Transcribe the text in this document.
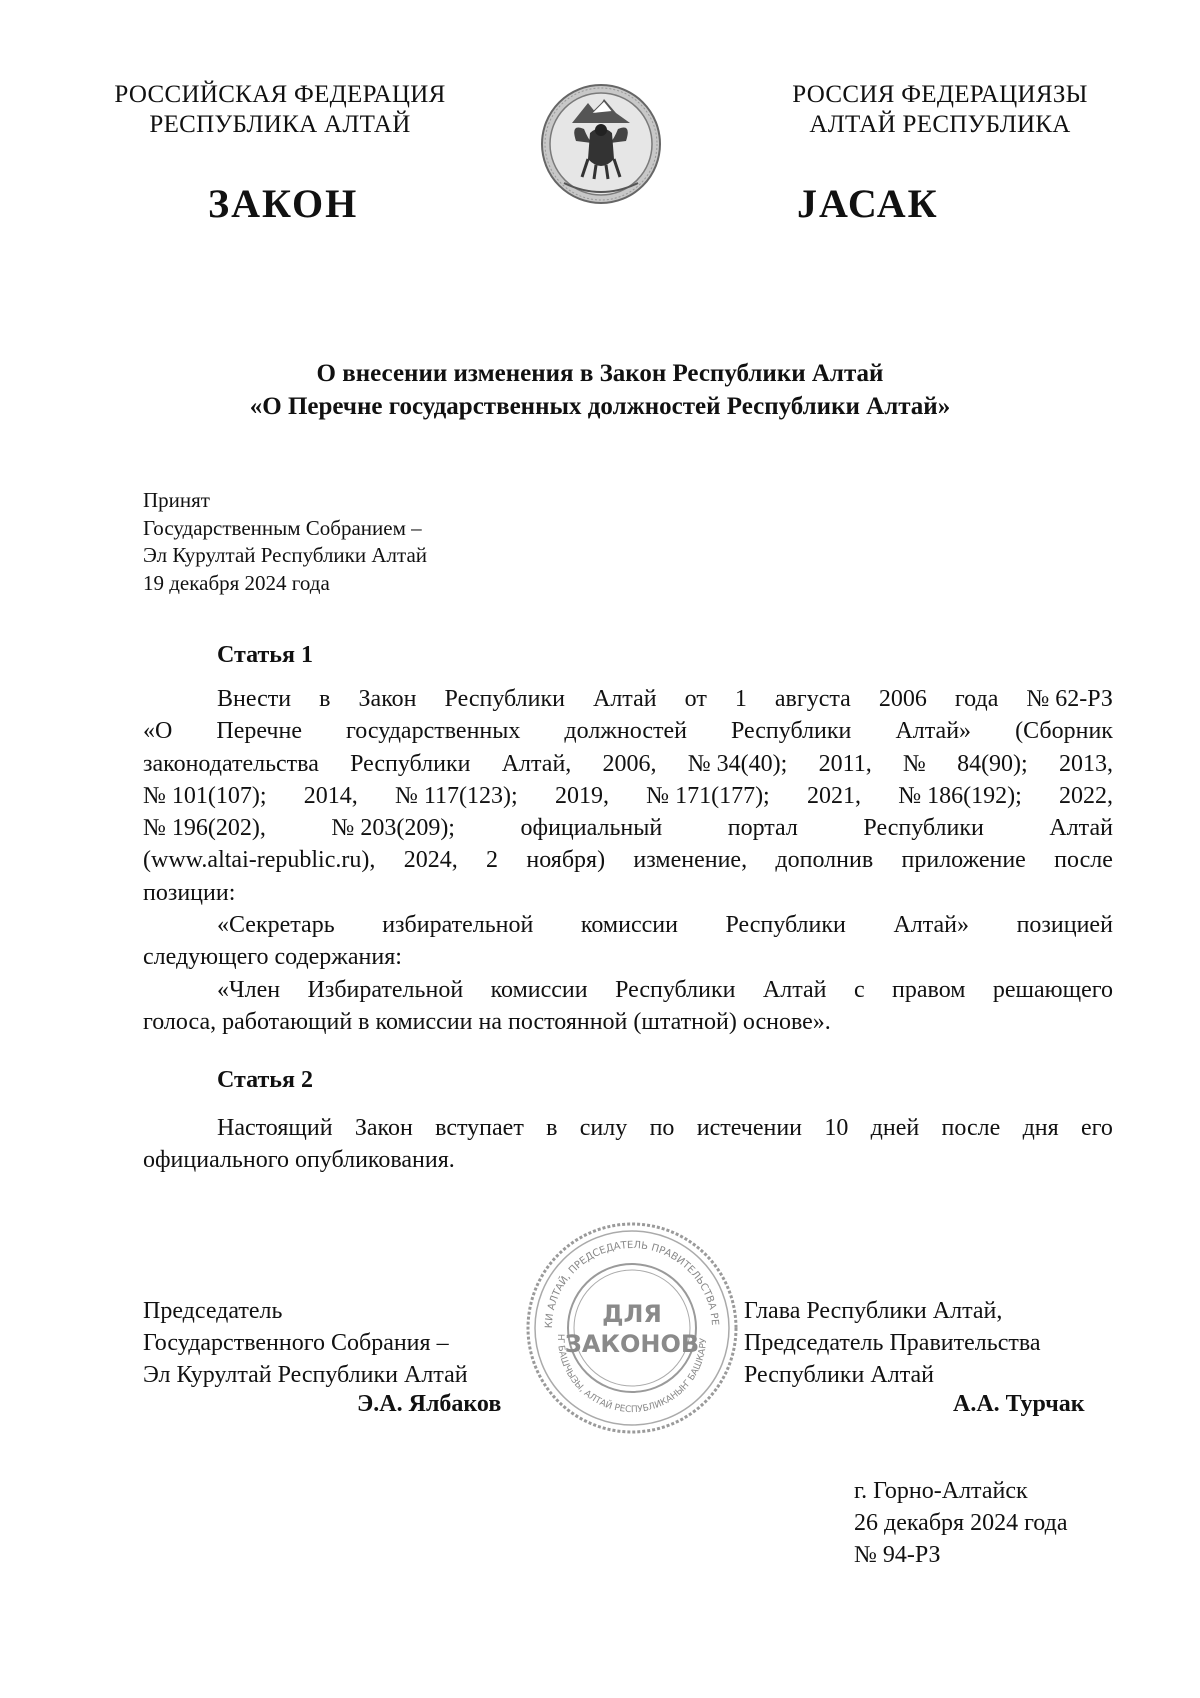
РОССИЙСКАЯ ФЕДЕРАЦИЯ
РЕСПУБЛИКА АЛТАЙ
РОССИЯ ФЕДЕРАЦИЯЗЫ
АЛТАЙ РЕСПУБЛИКА
ЗАКОН	JАСАК
О внесении изменения в Закон Республики Алтай
«О Перечне государственных должностей Республики Алтай»
Принят
Государственным Собранием –
Эл Курултай Республики Алтай
19 декабря 2024 года
Статья 1
Внести в Закон Республики Алтай от 1 августа 2006 года № 62-РЗ
«О Перечне государственных должностей Республики Алтай» (Сборник
законодательства Республики Алтай, 2006, № 34(40); 2011, № 84(90); 2013,
№ 101(107); 2014, № 117(123); 2019, № 171(177); 2021, № 186(192); 2022,
№ 196(202),	№ 203(209);	официальный	портал	Республики	Алтай
(www.altai-republic.ru), 2024, 2 ноября) изменение, дополнив приложение после
позиции:
«Секретарь избирательной комиссии Республики Алтай» позицией
следующего содержания:
«Член Избирательной комиссии Республики Алтай с правом решающего
голоса, работающий в комиссии на постоянной (штатной) основе».
Статья 2
Настоящий Закон вступает в силу по истечении 10 дней после дня его
официального опубликования.
КИ АЛТАЙ, ПРЕДСЕДАТЕЛЬ ПРАВИТЕЛЬСТВА РЕ
Ҥ БАШЧЫЗЫ, АЛТАЙ РЕСПУБЛИКАНЫҤ БАШКАРУ
ДЛЯ
ЗАКОНОВ
Председатель
Государственного Собрания –
Эл Курултай Республики Алтай
Э.А. Ялбаков
Глава Республики Алтай,
Председатель Правительства
Республики Алтай
А.А. Турчак
г. Горно-Алтайск
26 декабря 2024 года
№ 94-РЗ
